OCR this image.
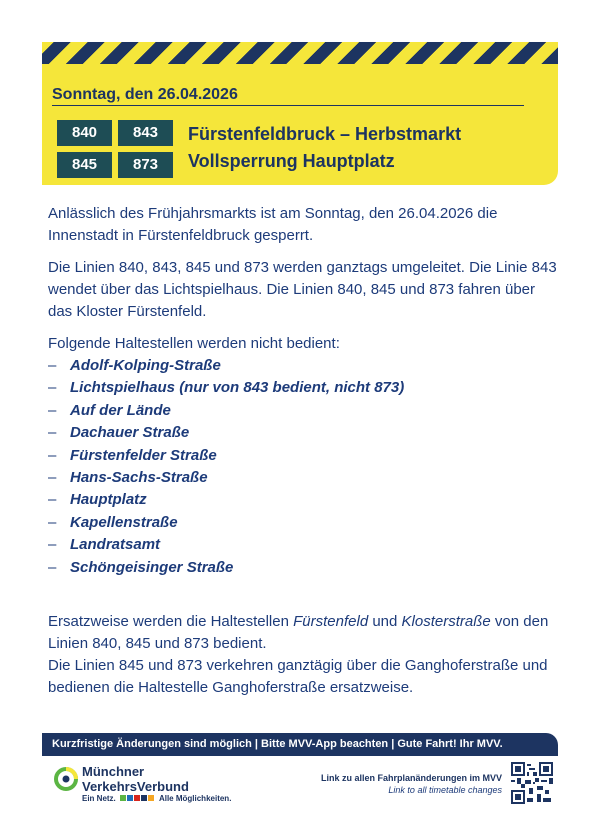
Sonntag, den 26.04.2026
840	843
845	873
Fürstenfeldbruck – Herbstmarkt
Vollsperrung Hauptplatz

Anlässlich des Frühjahrsmarkts ist am Sonntag, den 26.04.2026 die Innenstadt in Fürstenfeldbruck gesperrt.

Die Linien 840, 843, 845 und 873 werden ganztags umgeleitet. Die Linie 843 wendet über das Lichtspielhaus. Die Linien 840, 845 und 873 fahren über das Kloster Fürstenfeld.

Folgende Haltestellen werden nicht bedient:
– Adolf-Kolping-Straße
– Lichtspielhaus (nur von 843 bedient, nicht 873)
– Auf der Lände
– Dachauer Straße
– Fürstenfelder Straße
– Hans-Sachs-Straße
– Hauptplatz
– Kapellenstraße
– Landratsamt
– Schöngeisinger Straße

Ersatzweise werden die Haltestellen Fürstenfeld und Klosterstraße von den Linien 840, 845 und 873 bedient.
Die Linien 845 und 873 verkehren ganztägig über die Ganghoferstraße und bedienen die Haltestelle Ganghoferstraße ersatzweise.

Kurzfristige Änderungen sind möglich | Bitte MVV-App beachten | Gute Fahrt! Ihr MVV.
Münchner
VerkehrsVerbund
Ein Netz.	Alle Möglichkeiten.
Link zu allen Fahrplanänderungen im MVV
Link to all timetable changes
